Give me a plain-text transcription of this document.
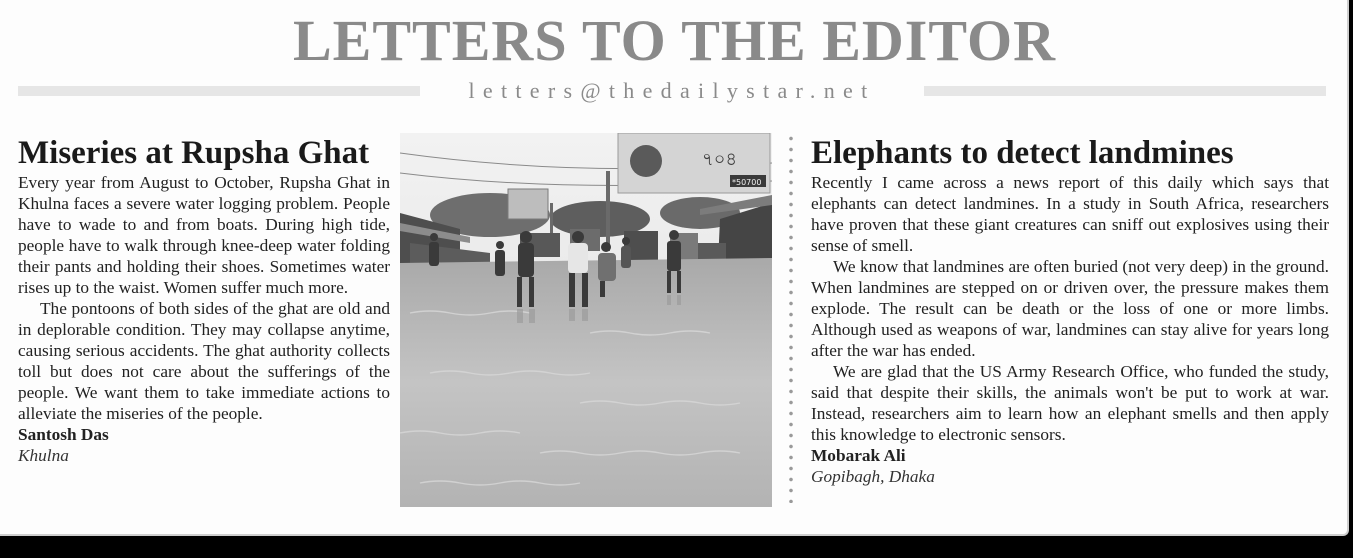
LETTERS TO THE EDITOR
letters@thedailystar.net
Miseries at Rupsha Ghat

Every year from August to October, Rupsha Ghat in Khulna faces a severe water logging problem. People have to wade to and from boats. During high tide, people have to walk through knee-deep water folding their pants and holding their shoes. Sometimes water rises up to the waist. Women suffer much more.

The pontoons of both sides of the ghat are old and in deplorable condition. They may collapse anytime, causing serious accidents. The ghat authority collects toll but does not care about the sufferings of the people. We want them to take immediate actions to alleviate the miseries of the people.

Santosh Das
Khulna
৭০৪
*50700
Elephants to detect landmines

Recently I came across a news report of this daily which says that elephants can detect landmines. In a study in South Africa, researchers have proven that these giant creatures can sniff out explosives using their sense of smell.

We know that landmines are often buried (not very deep) in the ground. When landmines are stepped on or driven over, the pressure makes them explode. The result can be death or the loss of one or more limbs. Although used as weapons of war, landmines can stay alive for years long after the war has ended.

We are glad that the US Army Research Office, who funded the study, said that despite their skills, the animals won't be put to work at war. Instead, researchers aim to learn how an elephant smells and then apply this knowledge to electronic sensors.

Mobarak Ali
Gopibagh, Dhaka
